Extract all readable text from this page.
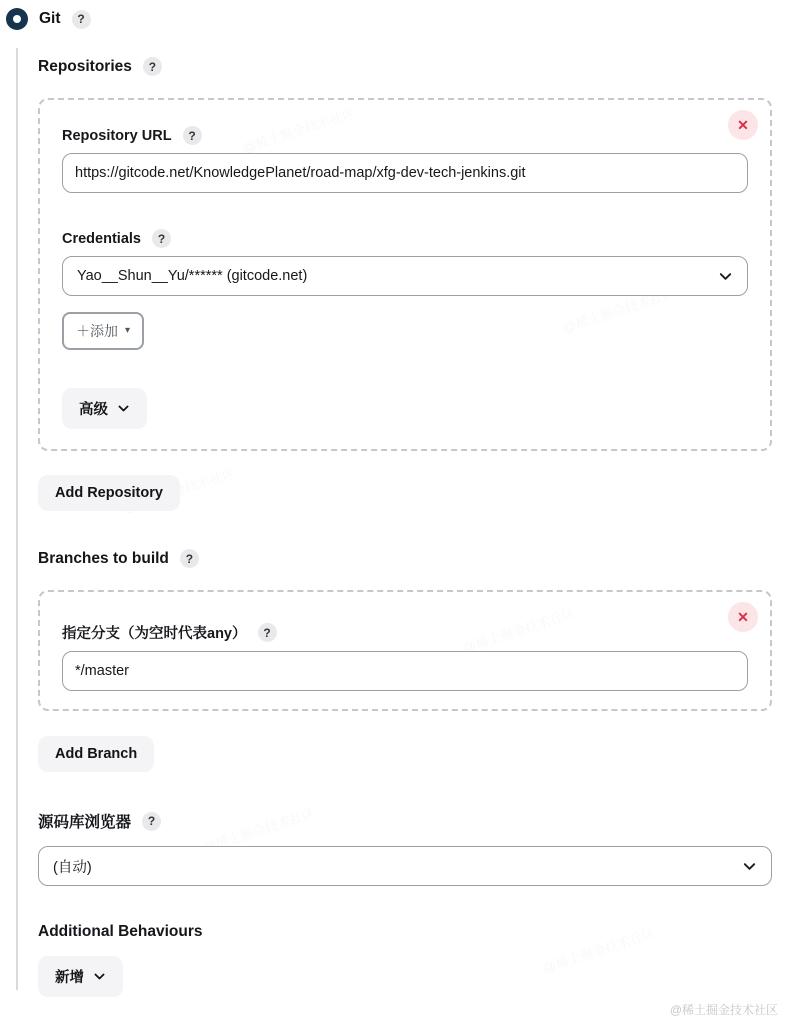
Git	?
Repositories	?
✕
Repository URL	?
https://gitcode.net/KnowledgePlanet/road-map/xfg-dev-tech-jenkins.git
Credentials	?
Yao__Shun__Yu/****** (gitcode.net)
＋添加 ▾
高级
Add Repository
Branches to build	?
✕
指定分支（为空时代表any）	?
*/master
Add Branch
源码库浏览器	?
(自动)
Additional Behaviours
新增
@稀土掘金技术社区
